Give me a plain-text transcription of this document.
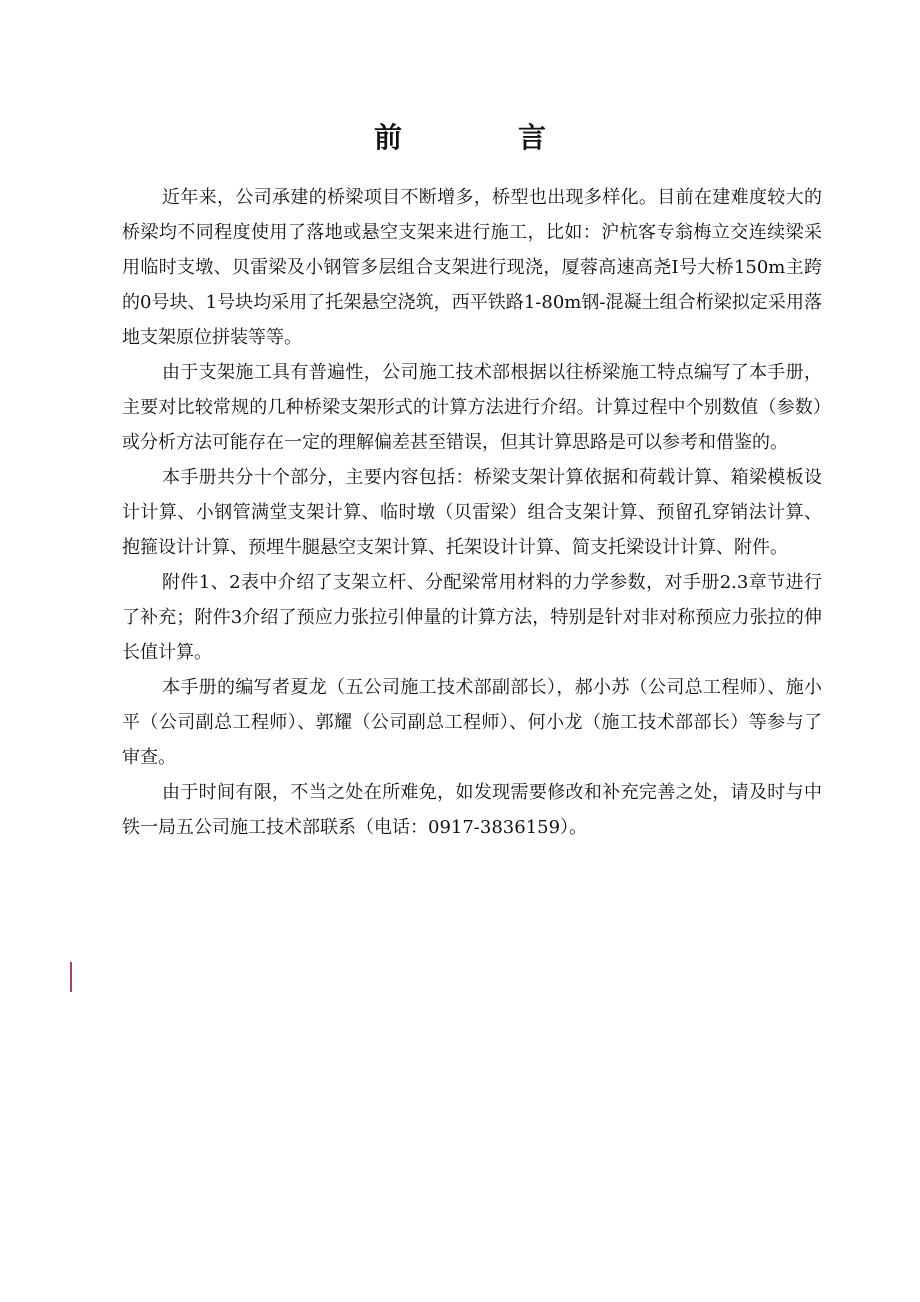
前　言

近年来，公司承建的桥梁项目不断增多，桥型也出现多样化。目前在建难度较大的桥梁均不同程度使用了落地或悬空支架来进行施工，比如：沪杭客专翁梅立交连续梁采用临时支墩、贝雷梁及小钢管多层组合支架进行现浇，厦蓉高速高尧Ⅰ号大桥150m主跨的0号块、1号块均采用了托架悬空浇筑，西平铁路1-80m钢-混凝土组合桁梁拟定采用落地支架原位拼装等等。

由于支架施工具有普遍性，公司施工技术部根据以往桥梁施工特点编写了本手册，主要对比较常规的几种桥梁支架形式的计算方法进行介绍。计算过程中个别数值（参数）或分析方法可能存在一定的理解偏差甚至错误，但其计算思路是可以参考和借鉴的。

本手册共分十个部分，主要内容包括：桥梁支架计算依据和荷载计算、箱梁模板设计计算、小钢管满堂支架计算、临时墩（贝雷梁）组合支架计算、预留孔穿销法计算、抱箍设计计算、预埋牛腿悬空支架计算、托架设计计算、简支托梁设计计算、附件。

附件1、2表中介绍了支架立杆、分配梁常用材料的力学参数，对手册2.3章节进行了补充；附件3介绍了预应力张拉引伸量的计算方法，特别是针对非对称预应力张拉的伸长值计算。

本手册的编写者夏龙（五公司施工技术部副部长），郝小苏（公司总工程师）、施小平（公司副总工程师）、郭耀（公司副总工程师）、何小龙（施工技术部部长）等参与了审查。

由于时间有限，不当之处在所难免，如发现需要修改和补充完善之处，请及时与中铁一局五公司施工技术部联系（电话：0917-3836159）。
